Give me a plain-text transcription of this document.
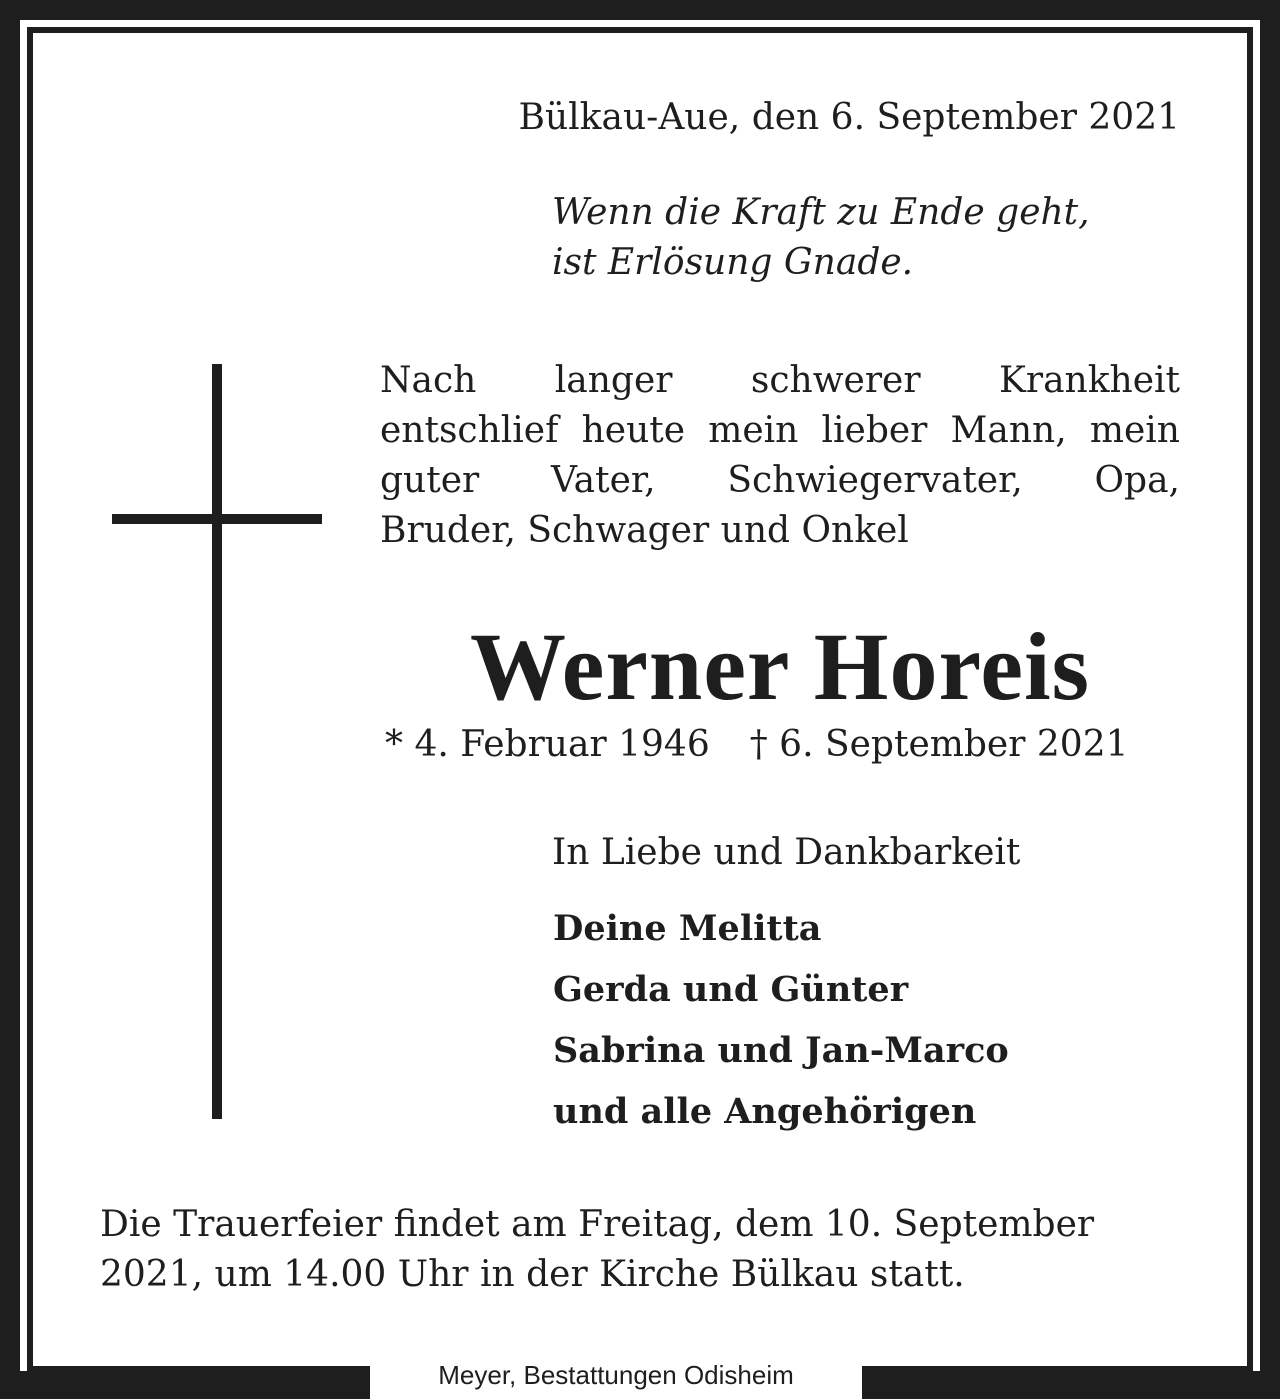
Bülkau-Aue, den 6. September 2021
Wenn die Kraft zu Ende geht,
ist Erlösung Gnade.
Nach langer schwerer Krankheit
entschlief heute mein lieber Mann, mein
guter Vater, Schwiegervater, Opa,
Bruder, Schwager und Onkel
Werner Horeis
* 4. Februar 1946 † 6. September 2021
In Liebe und Dankbarkeit
Deine Melitta
Gerda und Günter
Sabrina und Jan-Marco
und alle Angehörigen
Die Trauerfeier findet am Freitag, dem 10. September
2021, um 14.00 Uhr in der Kirche Bülkau statt.
Meyer, Bestattungen Odisheim
